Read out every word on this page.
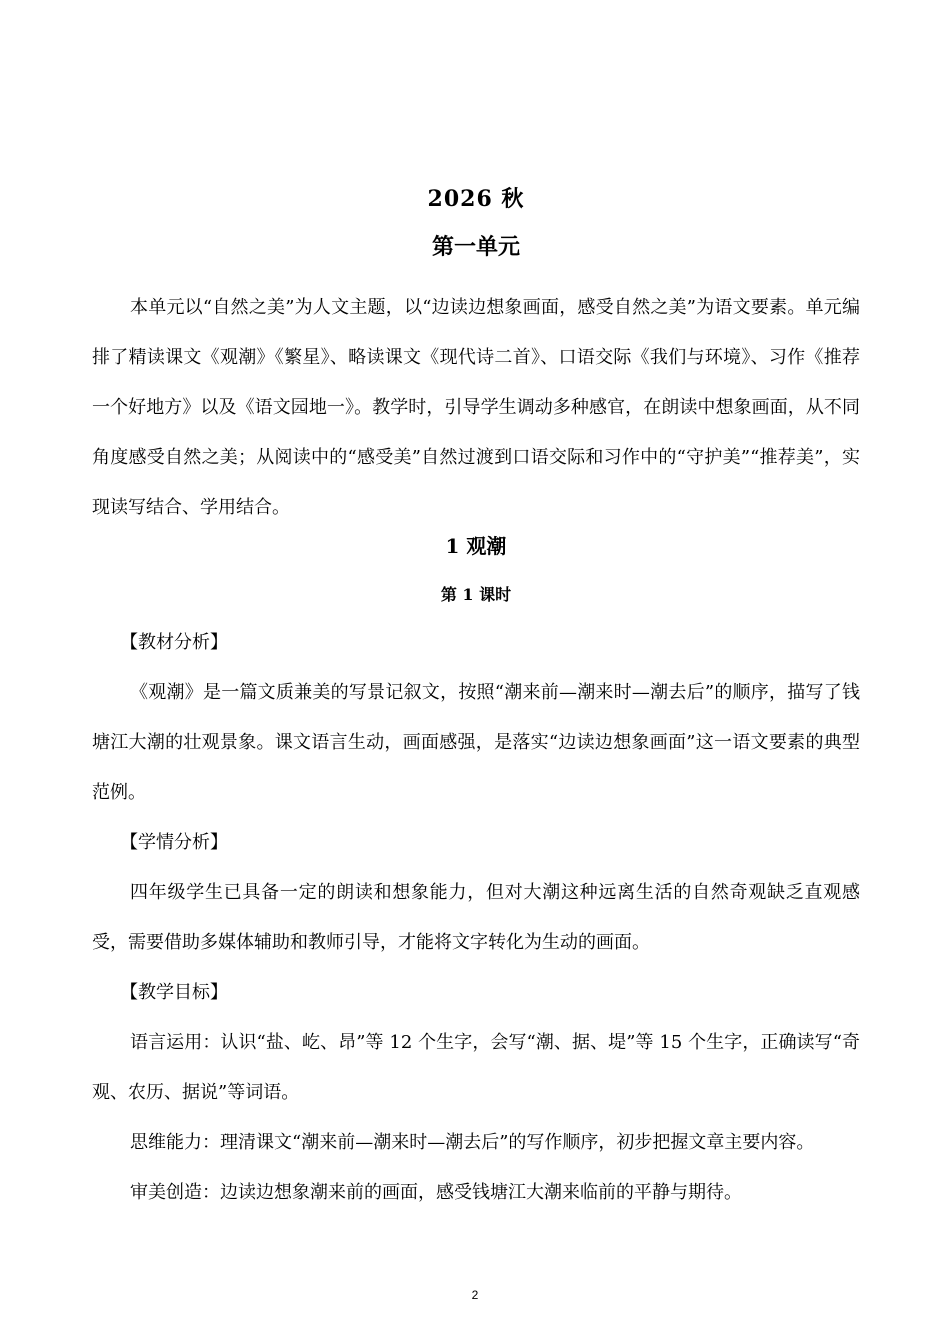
2026 秋
第一单元
本单元以“自然之美”为人文主题，以“边读边想象画面，感受自然之美”为语文要素。单元编排了精读课文《观潮》《繁星》、略读课文《现代诗二首》、口语交际《我们与环境》、习作《推荐一个好地方》以及《语文园地一》。教学时，引导学生调动多种感官，在朗读中想象画面，从不同角度感受自然之美；从阅读中的“感受美”自然过渡到口语交际和习作中的“守护美”“推荐美”，实现读写结合、学用结合。
1 观潮
第 1 课时

【教材分析】

《观潮》是一篇文质兼美的写景记叙文，按照“潮来前—潮来时—潮去后”的顺序，描写了钱塘江大潮的壮观景象。课文语言生动，画面感强，是落实“边读边想象画面”这一语文要素的典型范例。

【学情分析】

四年级学生已具备一定的朗读和想象能力，但对大潮这种远离生活的自然奇观缺乏直观感受，需要借助多媒体辅助和教师引导，才能将文字转化为生动的画面。

【教学目标】

语言运用：认识“盐、屹、昂”等 12 个生字，会写“潮、据、堤”等 15 个生字，正确读写“奇观、农历、据说”等词语。

思维能力：理清课文“潮来前—潮来时—潮去后”的写作顺序，初步把握文章主要内容。

审美创造：边读边想象潮来前的画面，感受钱塘江大潮来临前的平静与期待。

2
